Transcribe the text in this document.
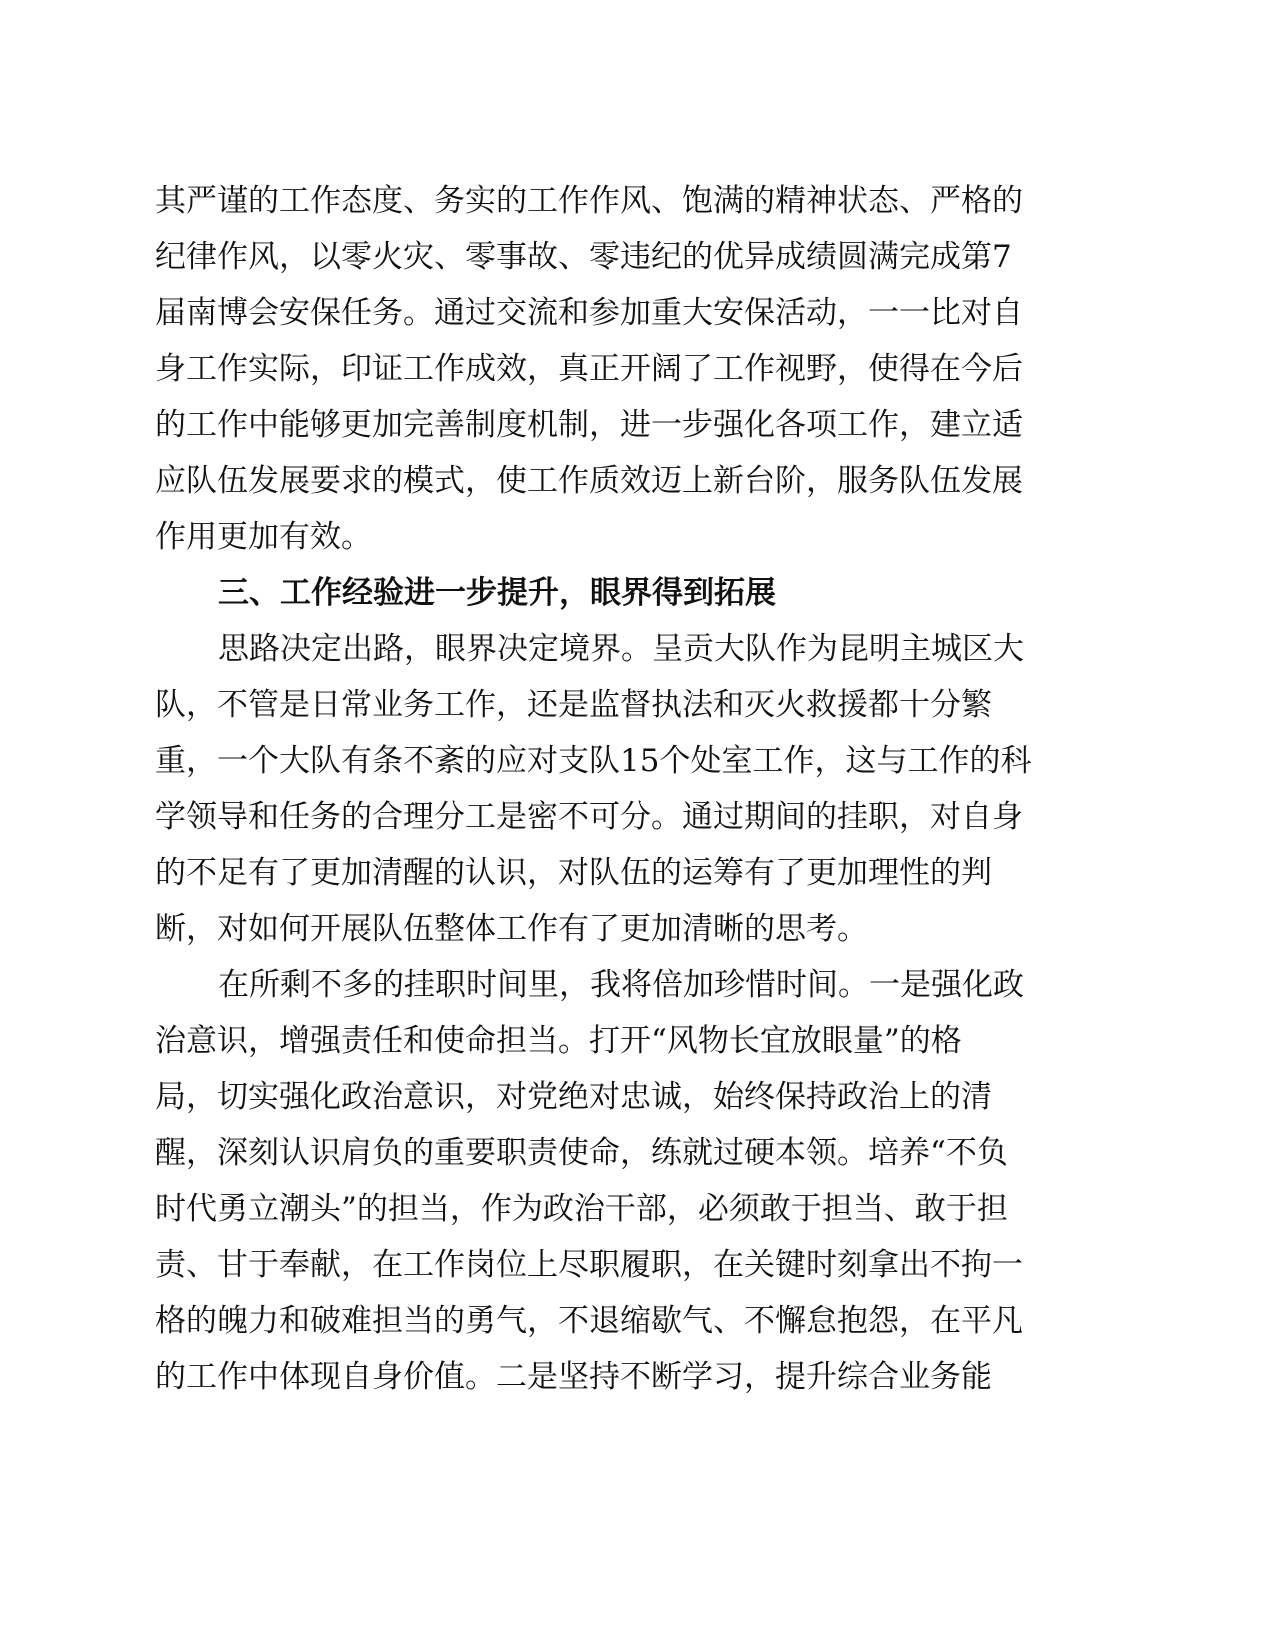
其严谨的工作态度、务实的工作作风、饱满的精神状态、严格的
纪律作风，以零火灾、零事故、零违纪的优异成绩圆满完成第7
届南博会安保任务。通过交流和参加重大安保活动，一一比对自
身工作实际，印证工作成效，真正开阔了工作视野，使得在今后
的工作中能够更加完善制度机制，进一步强化各项工作，建立适
应队伍发展要求的模式，使工作质效迈上新台阶，服务队伍发展
作用更加有效。
三、工作经验进一步提升，眼界得到拓展
思路决定出路，眼界决定境界。呈贡大队作为昆明主城区大
队，不管是日常业务工作，还是监督执法和灭火救援都十分繁
重，一个大队有条不紊的应对支队15个处室工作，这与工作的科
学领导和任务的合理分工是密不可分。通过期间的挂职，对自身
的不足有了更加清醒的认识，对队伍的运筹有了更加理性的判
断，对如何开展队伍整体工作有了更加清晰的思考。
在所剩不多的挂职时间里，我将倍加珍惜时间。一是强化政
治意识，增强责任和使命担当。打开“风物长宜放眼量”的格
局，切实强化政治意识，对党绝对忠诚，始终保持政治上的清
醒，深刻认识肩负的重要职责使命，练就过硬本领。培养“不负
时代勇立潮头”的担当，作为政治干部，必须敢于担当、敢于担
责、甘于奉献，在工作岗位上尽职履职，在关键时刻拿出不拘一
格的魄力和破难担当的勇气，不退缩歇气、不懈怠抱怨，在平凡
的工作中体现自身价值。二是坚持不断学习，提升综合业务能
